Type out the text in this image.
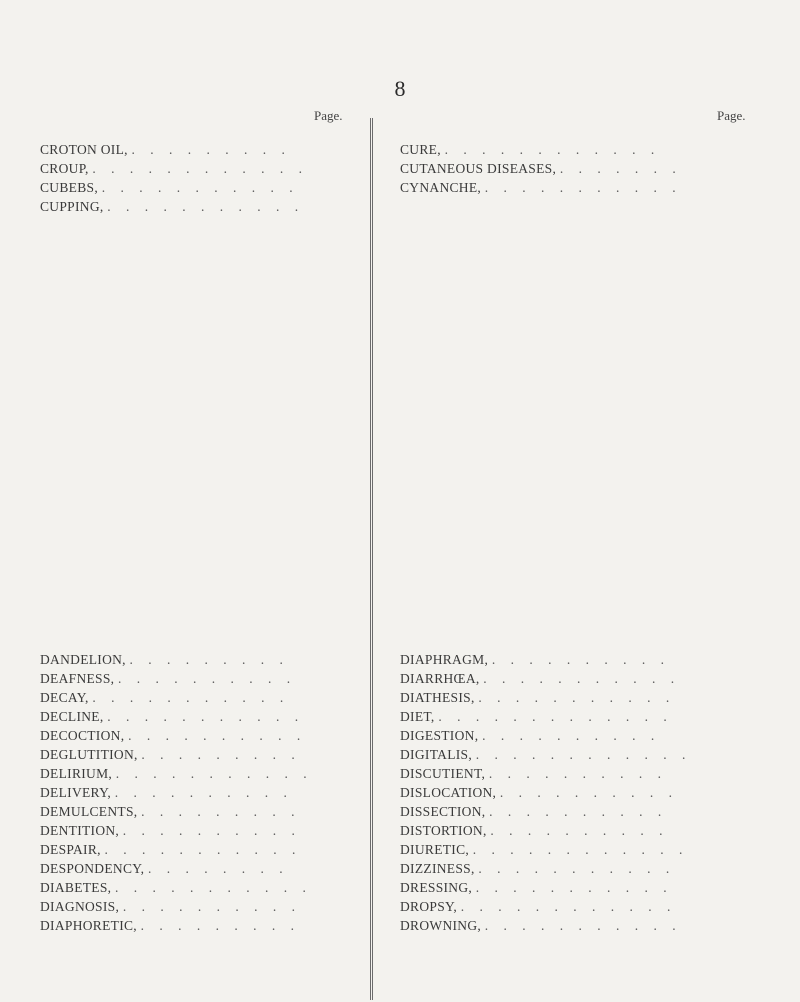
8
Page.
CROTON OIL, . . . . . . . . .
CROUP, . . . . . . . . . . . .
CUBEBS, . . . . . . . . . . .
CUPPING, . . . . . . . . . . .
DANDELION, . . . . . . . . .
DEAFNESS, . . . . . . . . . .
DECAY, . . . . . . . . . . .
DECLINE, . . . . . . . . . . .
DECOCTION, . . . . . . . . . .
DEGLUTITION, . . . . . . . . .
DELIRIUM, . . . . . . . . . . .
DELIVERY, . . . . . . . . . .
DEMULCENTS, . . . . . . . . .
DENTITION, . . . . . . . . . .
DESPAIR, . . . . . . . . . . .
DESPONDENCY, . . . . . . . .
DIABETES, . . . . . . . . . . .
DIAGNOSIS, . . . . . . . . . .
DIAPHORETIC, . . . . . . . . .
Page.
CURE, . . . . . . . . . . . .
CUTANEOUS DISEASES, . . . . . . .
CYNANCHE, . . . . . . . . . . .
DIAPHRAGM, . . . . . . . . . .
DIARRHŒA, . . . . . . . . . . .
DIATHESIS, . . . . . . . . . . .
DIET, . . . . . . . . . . . . .
DIGESTION, . . . . . . . . . .
DIGITALIS, . . . . . . . . . . . .
DISCUTIENT, . . . . . . . . . .
DISLOCATION, . . . . . . . . . .
DISSECTION, . . . . . . . . . .
DISTORTION, . . . . . . . . . .
DIURETIC, . . . . . . . . . . . .
DIZZINESS, . . . . . . . . . . .
DRESSING, . . . . . . . . . . .
DROPSY, . . . . . . . . . . . .
DROWNING, . . . . . . . . . . .
